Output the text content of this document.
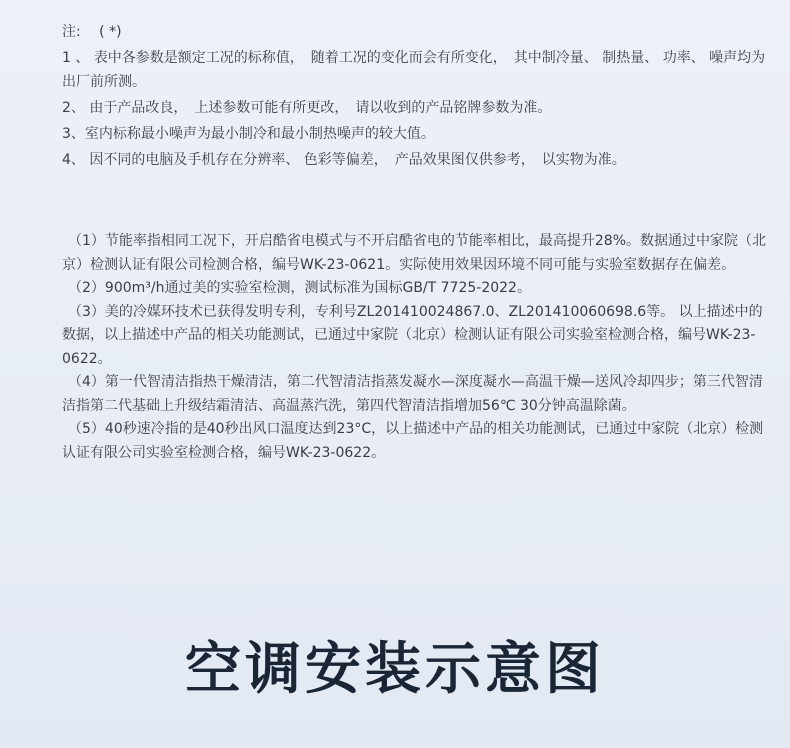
注:　 ( *)

1 、 表中各参数是额定工况的标称值，　随着工况的变化而会有所变化，　其中制冷量、 制热量、 功率、 噪声均为出厂前所测。

2、 由于产品改良，　上述参数可能有所更改，　请以收到的产品铭牌参数为准。

3、室内标称最小噪声为最小制冷和最小制热噪声的较大值。

4、 因不同的电脑及手机存在分辨率、 色彩等偏差，　产品效果图仅供参考，　以实物为准。

（1）节能率指相同工况下，开启酷省电模式与不开启酷省电的节能率相比，最高提升28%。数据通过中家院（北京）检测认证有限公司检测合格，编号WK-23-0621。实际使用效果因环境不同可能与实验室数据存在偏差。

（2）900m³/h通过美的实验室检测，测试标准为国标GB/T 7725-2022。

（3）美的冷媒环技术已获得发明专利，专利号ZL201410024867.0、ZL201410060698.6等。 以上描述中的数据，以上描述中产品的相关功能测试，已通过中家院（北京）检测认证有限公司实验室检测合格，编号WK-23-0622。

（4）第一代智清洁指热干燥清洁，第二代智清洁指蒸发凝水—深度凝水—高温干燥—送风冷却四步；第三代智清洁指第二代基础上升级结霜清洁、高温蒸汽洗，第四代智清洁指增加56℃ 30分钟高温除菌。

（5）40秒速冷指的是40秒出风口温度达到23°C，以上描述中产品的相关功能测试，已通过中家院（北京）检测认证有限公司实验室检测合格，编号WK-23-0622。

空调安装示意图
